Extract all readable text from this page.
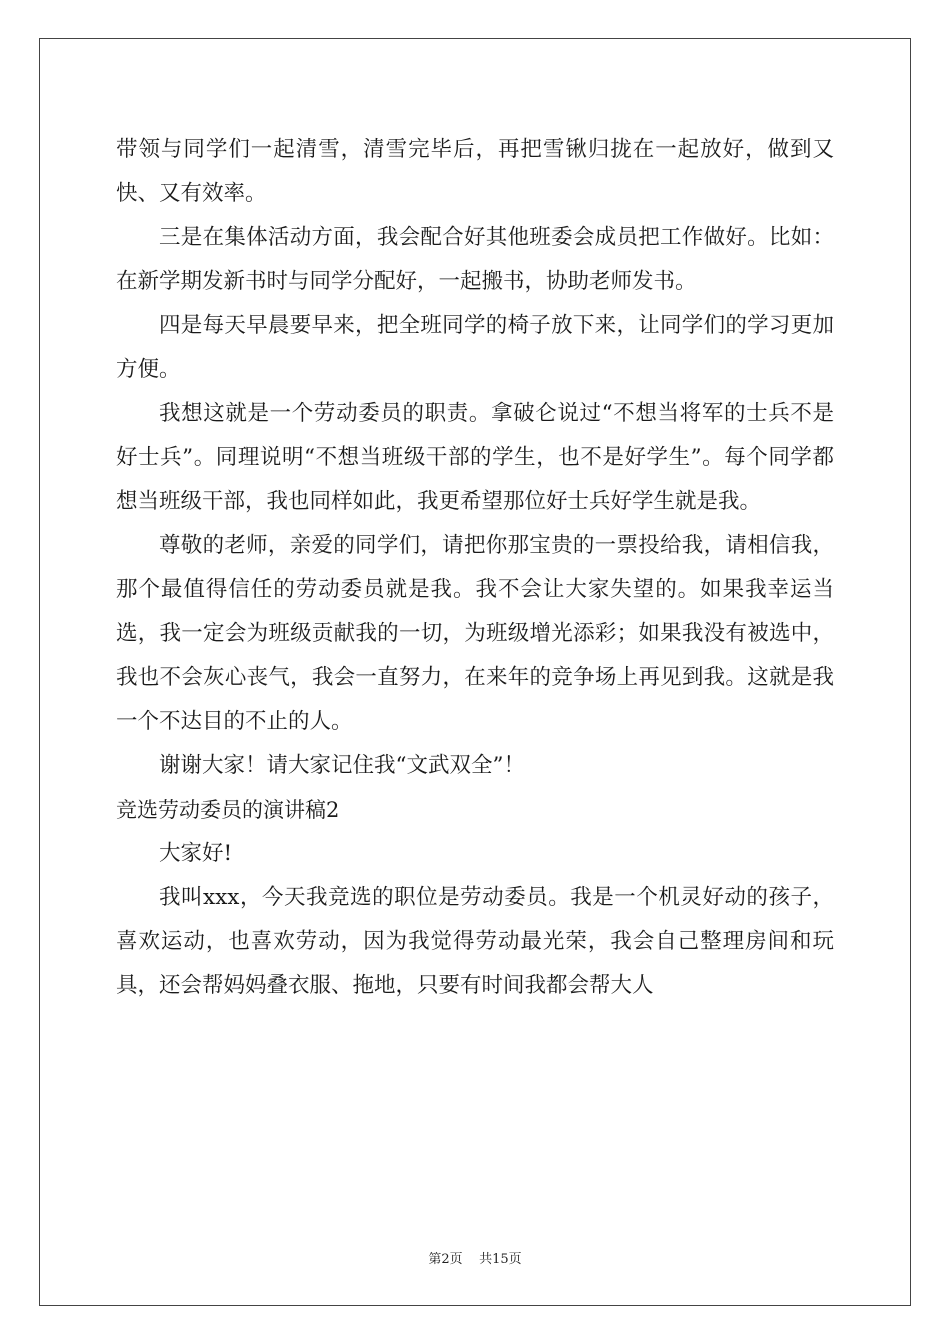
带领与同学们一起清雪，清雪完毕后，再把雪锹归拢在一起放好，做到又快、又有效率。

三是在集体活动方面，我会配合好其他班委会成员把工作做好。比如：在新学期发新书时与同学分配好，一起搬书，协助老师发书。

四是每天早晨要早来，把全班同学的椅子放下来，让同学们的学习更加方便。

我想这就是一个劳动委员的职责。拿破仑说过“不想当将军的士兵不是好士兵”。同理说明“不想当班级干部的学生，也不是好学生”。每个同学都想当班级干部，我也同样如此，我更希望那位好士兵好学生就是我。

尊敬的老师，亲爱的同学们，请把你那宝贵的一票投给我，请相信我，那个最值得信任的劳动委员就是我。我不会让大家失望的。如果我幸运当选，我一定会为班级贡献我的一切，为班级增光添彩；如果我没有被选中，我也不会灰心丧气，我会一直努力，在来年的竞争场上再见到我。这就是我一个不达目的不止的人。

谢谢大家！请大家记住我“文武双全”！

竞选劳动委员的演讲稿2

大家好!

我叫xxx，今天我竞选的职位是劳动委员。我是一个机灵好动的孩子，喜欢运动，也喜欢劳动，因为我觉得劳动最光荣，我会自己整理房间和玩具，还会帮妈妈叠衣服、拖地，只要有时间我都会帮大人

第2页 共15页
